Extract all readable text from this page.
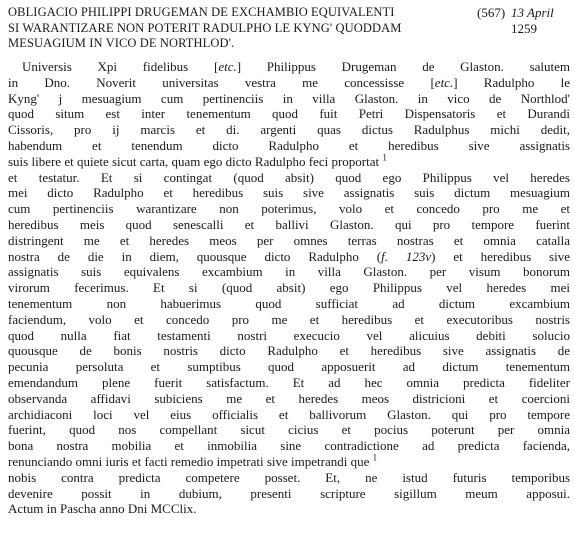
OBLIGACIO PHILIPPI DRUGEMAN DE EXCHAMBIO EQUIVALENTI
SI WARANTIZARE NON POTERIT RADULPHO LE KYNG' QUODDAM
MESUAGIUM IN VICO DE NORTHLOD'.
(567) 13 April
1259
Universis Xpi fidelibus [etc.] Philippus Drugeman de Glaston. salutem
in Dno. Noverit universitas vestra me concessisse [etc.] Radulpho le
Kyng' j mesuagium cum pertinenciis in villa Glaston. in vico de Northlod'
quod situm est inter tenementum quod fuit Petri Dispensatoris et Durandi
Cissoris, pro ij marcis et di. argenti quas dictus Radulphus michi dedit,
habendum et tenendum dicto Radulpho et heredibus sive assignatis
suis libere et quiete sicut carta, quam ego dicto Radulpho feci proportat $^1$
et testatur. Et si contingat (quod absit) quod ego Philippus vel heredes
mei dicto Radulpho et heredibus suis sive assignatis suis dictum mesuagium
cum pertinenciis warantizare non poterimus, volo et concedo pro me et
heredibus meis quod senescalli et ballivi Glaston. qui pro tempore fuerint
distringent me et heredes meos per omnes terras nostras et omnia catalla
nostra de die in diem, quousque dicto Radulpho (f. 123v) et heredibus sive
assignatis suis equivalens excambium in villa Glaston. per visum bonorum
virorum fecerimus. Et si (quod absit) ego Philippus vel heredes mei
tenementum non habuerimus quod sufficiat ad dictum excambium
faciendum, volo et concedo pro me et heredibus et executoribus nostris
quod nulla fiat testamenti nostri execucio vel alicuius debiti solucio
quousque de bonis nostris dicto Radulpho et heredibus sive assignatis de
pecunia persoluta et sumptibus quod apposuerit ad dictum tenementum
emendandum plene fuerit satisfactum. Et ad hec omnia predicta fideliter
observanda affidavi subiciens me et heredes meos districioni et coercioni
archidiaconi loci vel eius officialis et ballivorum Glaston. qui pro tempore
fuerint, quod nos compellant sicut cicius et pocius poterunt per omnia
bona nostra mobilia et inmobilia sine contradictione ad predicta facienda,
renunciando omni iuris et facti remedio impetrati sive impetrandi que $^1$
nobis contra predicta competere posset. Et, ne istud futuris temporibus
devenire possit in dubium, presenti scripture sigillum meum apposui.
Actum in Pascha anno Dni MCClix.
